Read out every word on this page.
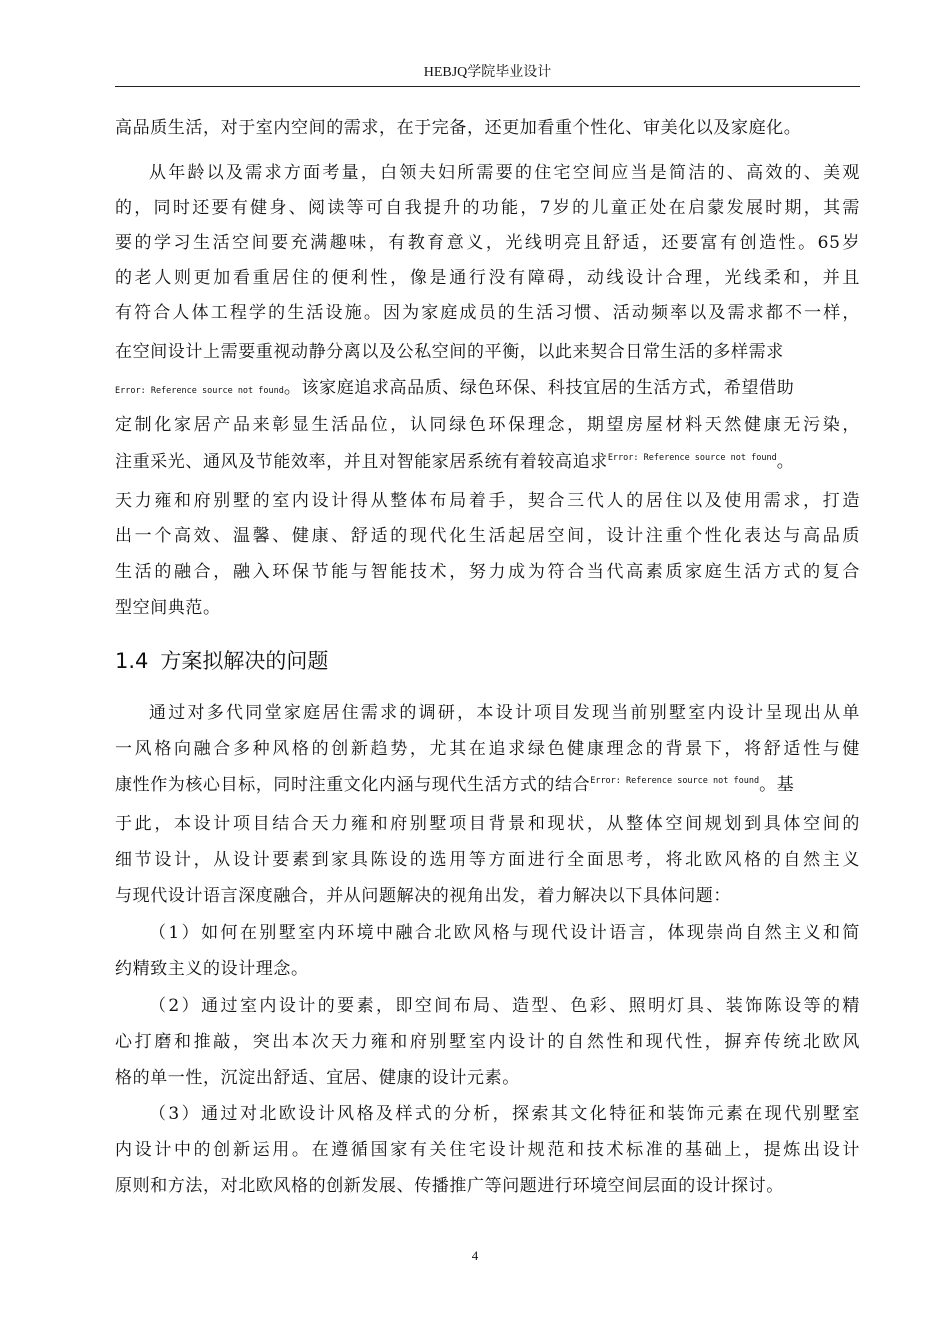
HEBJQ学院毕业设计
高品质生活，对于室内空间的需求，在于完备，还更加看重个性化、审美化以及家庭化。
从年龄以及需求方面考量，白领夫妇所需要的住宅空间应当是简洁的、高效的、美观
的，同时还要有健身、阅读等可自我提升的功能，7岁的儿童正处在启蒙发展时期，其需
要的学习生活空间要充满趣味，有教育意义，光线明亮且舒适，还要富有创造性。65岁
的老人则更加看重居住的便利性，像是通行没有障碍，动线设计合理，光线柔和，并且
有符合人体工程学的生活设施。因为家庭成员的生活习惯、活动频率以及需求都不一样，
在空间设计上需要重视动静分离以及公私空间的平衡，以此来契合日常生活的多样需求
Error: Reference source not found。该家庭追求高品质、绿色环保、科技宜居的生活方式，希望借助
定制化家居产品来彰显生活品位，认同绿色环保理念，期望房屋材料天然健康无污染，
注重采光、通风及节能效率，并且对智能家居系统有着较高追求$^{Error: Reference source not found}$。
天力雍和府别墅的室内设计得从整体布局着手，契合三代人的居住以及使用需求，打造
出一个高效、温馨、健康、舒适的现代化生活起居空间，设计注重个性化表达与高品质
生活的融合，融入环保节能与智能技术，努力成为符合当代高素质家庭生活方式的复合
型空间典范。
1.4 方案拟解决的问题
通过对多代同堂家庭居住需求的调研，本设计项目发现当前别墅室内设计呈现出从单
一风格向融合多种风格的创新趋势，尤其在追求绿色健康理念的背景下，将舒适性与健
康性作为核心目标，同时注重文化内涵与现代生活方式的结合$^{Error: Reference source not found}$。基
于此，本设计项目结合天力雍和府别墅项目背景和现状，从整体空间规划到具体空间的
细节设计，从设计要素到家具陈设的选用等方面进行全面思考，将北欧风格的自然主义
与现代设计语言深度融合，并从问题解决的视角出发，着力解决以下具体问题：
（1）如何在别墅室内环境中融合北欧风格与现代设计语言，体现崇尚自然主义和简
约精致主义的设计理念。
（2）通过室内设计的要素，即空间布局、造型、色彩、照明灯具、装饰陈设等的精
心打磨和推敲，突出本次天力雍和府别墅室内设计的自然性和现代性，摒弃传统北欧风
格的单一性，沉淀出舒适、宜居、健康的设计元素。
（3）通过对北欧设计风格及样式的分析，探索其文化特征和装饰元素在现代别墅室
内设计中的创新运用。在遵循国家有关住宅设计规范和技术标准的基础上，提炼出设计
原则和方法，对北欧风格的创新发展、传播推广等问题进行环境空间层面的设计探讨。
4
